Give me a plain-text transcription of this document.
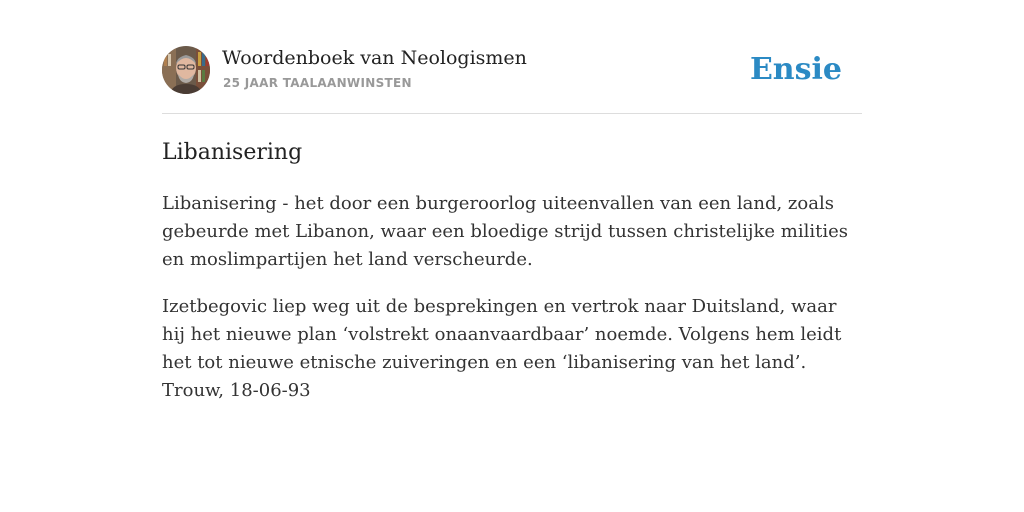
Woordenboek van Neologismen
25 JAAR TAALAANWINSTEN	Ensie
Libanisering

Libanisering - het door een burgeroorlog uiteenvallen van een land, zoals gebeurde met Libanon, waar een bloedige strijd tussen christelijke milities en moslimpartijen het land verscheurde.

Izetbegovic liep weg uit de besprekingen en vertrok naar Duitsland, waar hij het nieuwe plan ‘volstrekt onaanvaardbaar’ noemde. Volgens hem leidt het tot nieuwe etnische zuiveringen en een ‘libanisering van het land’. Trouw, 18-06-93
